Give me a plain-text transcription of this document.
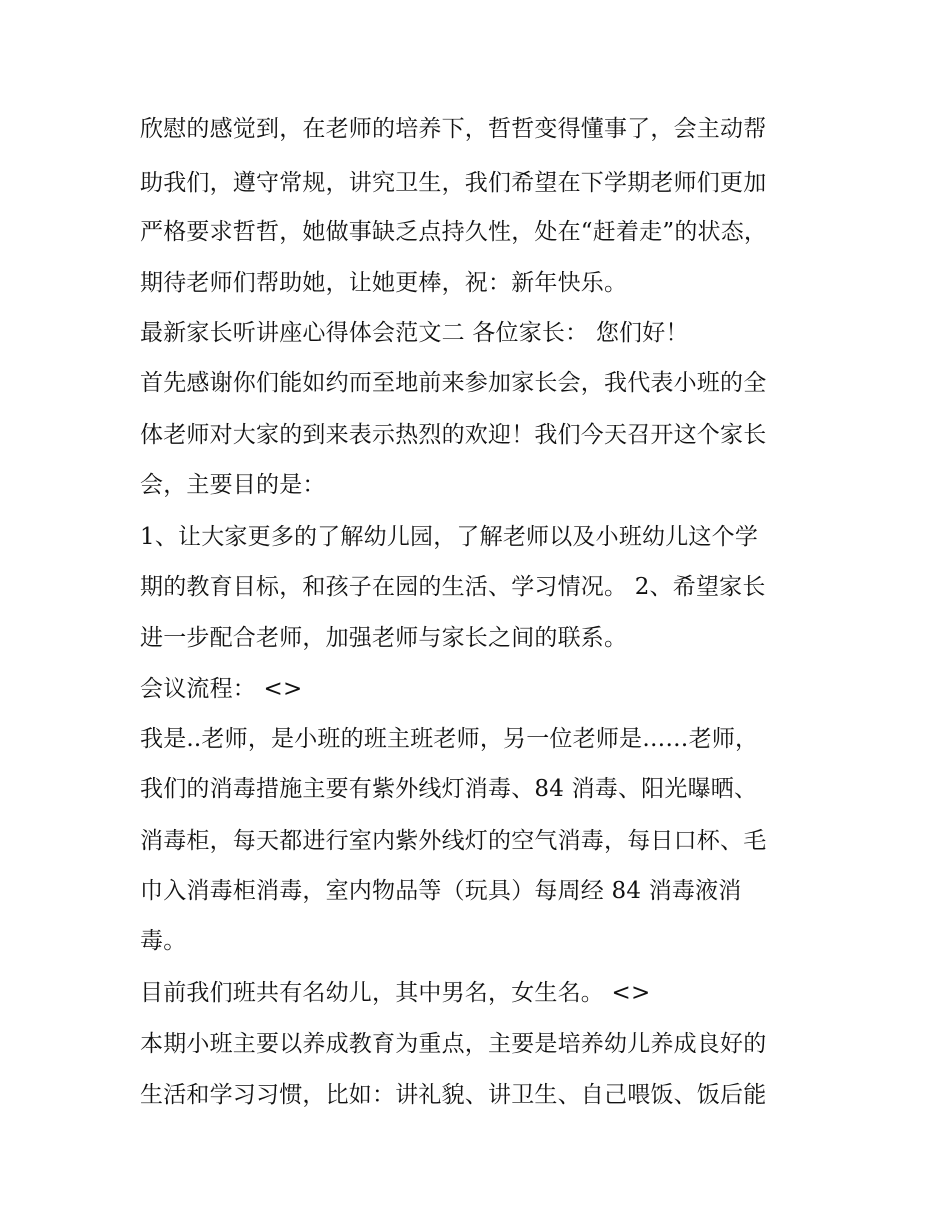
欣慰的感觉到，在老师的培养下，哲哲变得懂事了，会主动帮
助我们，遵守常规，讲究卫生，我们希望在下学期老师们更加
严格要求哲哲，她做事缺乏点持久性，处在“赶着走”的状态，
期待老师们帮助她，让她更棒，祝：新年快乐。
最新家长听讲座心得体会范文二 各位家长： 您们好！
首先感谢你们能如约而至地前来参加家长会，我代表小班的全
体老师对大家的到来表示热烈的欢迎！我们今天召开这个家长
会，主要目的是：
1、让大家更多的了解幼儿园，了解老师以及小班幼儿这个学
期的教育目标，和孩子在园的生活、学习情况。 2、希望家长
进一步配合老师，加强老师与家长之间的联系。
会议流程： <>
我是..老师，是小班的班主班老师，另一位老师是……老师，
我们的消毒措施主要有紫外线灯消毒、84 消毒、阳光曝晒、
消毒柜，每天都进行室内紫外线灯的空气消毒，每日口杯、毛
巾入消毒柜消毒，室内物品等（玩具）每周经 84 消毒液消
毒。
目前我们班共有名幼儿，其中男名，女生名。 <>
本期小班主要以养成教育为重点，主要是培养幼儿养成良好的
生活和学习习惯，比如：讲礼貌、讲卫生、自己喂饭、饭后能
